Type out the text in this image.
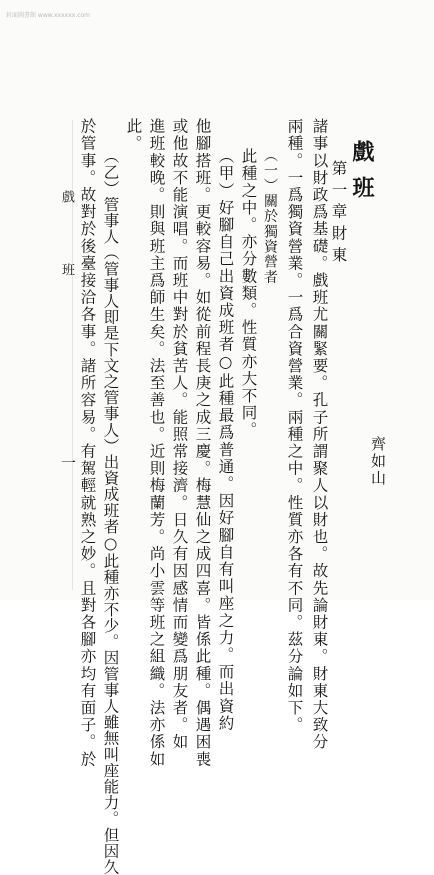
封面圖書館 www.xxxxxx.com
戲班
齊如山
第一章
財東
諸事以財政爲基礎。戲班尤關緊要。孔子所謂聚人以財也。故先論財東。財東大致分
兩種。一爲獨資營業。一爲合資營業。兩種之中。性質亦各有不同。茲分論如下。
（一）關於獨資營者
此種之中。亦分數類。性質亦大不同。
（甲）好腳自己出資成班者○此種最爲普通。因好腳自有叫座之力。而出資約
他腳搭班。更較容易。如從前程長庚之成三慶。梅慧仙之成四喜。皆係此種。偶遇困喪
或他故不能演唱。而班中對於貧苦人。能照常接濟。日久有因感情而變爲朋友者。如
進班較晚。則與班主爲師生矣。法至善也。近則梅蘭芳。尚小雲等班之組織。法亦係如
此。
（乙）管事人（管事人即是下文之管事人）出資成班者○此種亦不少。因管事人雖無叫座能力。但因久
於管事。故對於後臺接洽各事。諸所容易。有駕輕就熟之妙。且對各腳亦均有面子。於
戲 班
一
